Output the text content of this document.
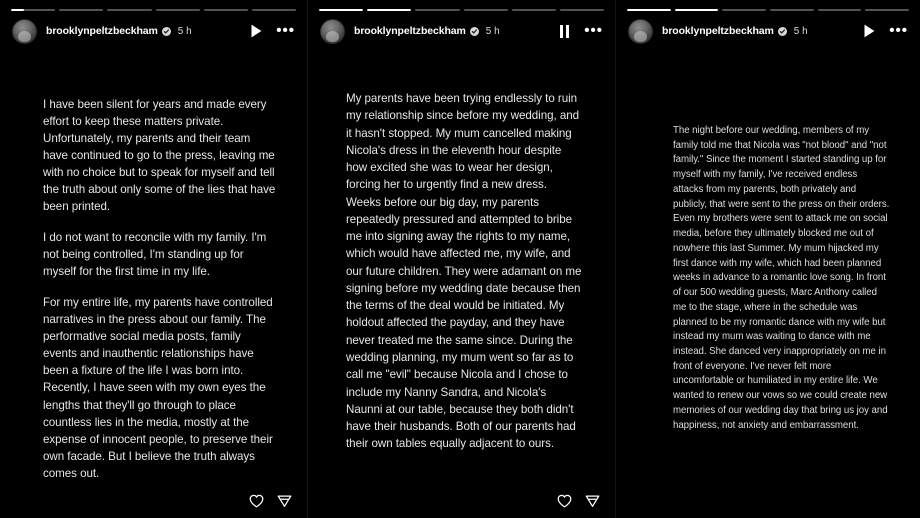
brooklynpeltzbeckham 5 h	•••

I have been silent for years and made every effort to keep these matters private. Unfortunately, my parents and their team have continued to go to the press, leaving me with no choice but to speak for myself and tell the truth about only some of the lies that have been printed.

I do not want to reconcile with my family. I'm not being controlled, I'm standing up for myself for the first time in my life.

For my entire life, my parents have controlled narratives in the press about our family. The performative social media posts, family events and inauthentic relationships have been a fixture of the life I was born into. Recently, I have seen with my own eyes the lengths that they'll go through to place countless lies in the media, mostly at the expense of innocent people, to preserve their own facade. But I believe the truth always comes out.

brooklynpeltzbeckham 5 h	•••

My parents have been trying endlessly to ruin my relationship since before my wedding, and it hasn't stopped. My mum cancelled making Nicola's dress in the eleventh hour despite how excited she was to wear her design, forcing her to urgently find a new dress. Weeks before our big day, my parents repeatedly pressured and attempted to bribe me into signing away the rights to my name, which would have affected me, my wife, and our future children. They were adamant on me signing before my wedding date because then the terms of the deal would be initiated. My holdout affected the payday, and they have never treated me the same since. During the wedding planning, my mum went so far as to call me "evil" because Nicola and I chose to include my Nanny Sandra, and Nicola's Naunni at our table, because they both didn't have their husbands. Both of our parents had their own tables equally adjacent to ours.

brooklynpeltzbeckham 5 h	•••

The night before our wedding, members of my family told me that Nicola was "not blood" and "not family." Since the moment I started standing up for myself with my family, I've received endless attacks from my parents, both privately and publicly, that were sent to the press on their orders. Even my brothers were sent to attack me on social media, before they ultimately blocked me out of nowhere this last Summer. My mum hijacked my first dance with my wife, which had been planned weeks in advance to a romantic love song. In front of our 500 wedding guests, Marc Anthony called me to the stage, where in the schedule was planned to be my romantic dance with my wife but instead my mum was waiting to dance with me instead. She danced very inappropriately on me in front of everyone. I've never felt more uncomfortable or humiliated in my entire life. We wanted to renew our vows so we could create new memories of our wedding day that bring us joy and happiness, not anxiety and embarrassment.
